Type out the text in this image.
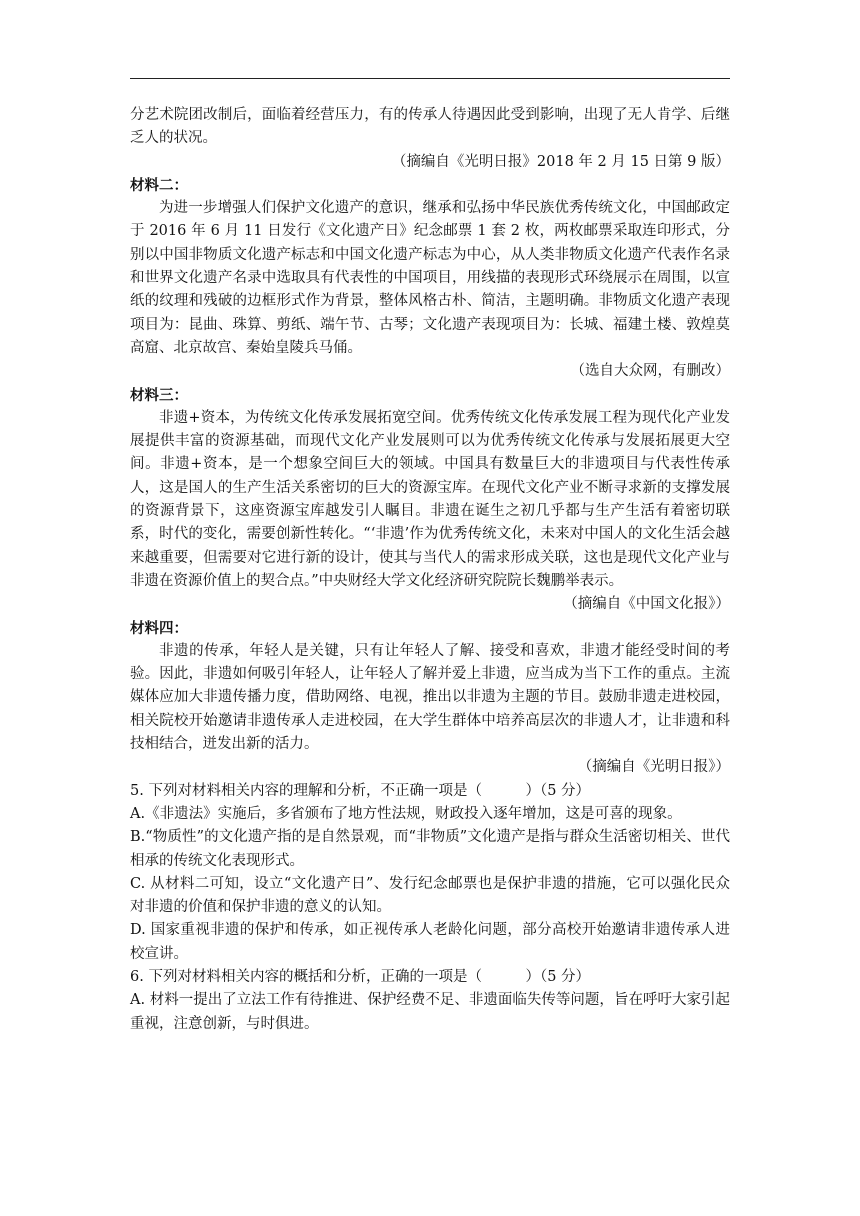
分艺术院团改制后，面临着经营压力，有的传承人待遇因此受到影响，出现了无人肯学、后继乏人的状况。

（摘编自《光明日报》2018 年 2 月 15 日第 9 版）

材料二：

为进一步增强人们保护文化遗产的意识，继承和弘扬中华民族优秀传统文化，中国邮政定于 2016 年 6 月 11 日发行《文化遗产日》纪念邮票 1 套 2 枚，两枚邮票采取连印形式，分别以中国非物质文化遗产标志和中国文化遗产标志为中心，从人类非物质文化遗产代表作名录和世界文化遗产名录中选取具有代表性的中国项目，用线描的表现形式环绕展示在周围，以宣纸的纹理和残破的边框形式作为背景，整体风格古朴、简洁，主题明确。非物质文化遗产表现项目为：昆曲、珠算、剪纸、端午节、古琴；文化遗产表现项目为：长城、福建土楼、敦煌莫高窟、北京故宫、秦始皇陵兵马俑。

（选自大众网，有删改）

材料三：

非遗+资本，为传统文化传承发展拓宽空间。优秀传统文化传承发展工程为现代化产业发展提供丰富的资源基础，而现代文化产业发展则可以为优秀传统文化传承与发展拓展更大空间。非遗+资本，是一个想象空间巨大的领域。中国具有数量巨大的非遗项目与代表性传承人，这是国人的生产生活关系密切的巨大的资源宝库。在现代文化产业不断寻求新的支撑发展的资源背景下，这座资源宝库越发引人瞩目。非遗在诞生之初几乎都与生产生活有着密切联系，时代的变化，需要创新性转化。“‘非遗’作为优秀传统文化，未来对中国人的文化生活会越来越重要，但需要对它进行新的设计，使其与当代人的需求形成关联，这也是现代文化产业与非遗在资源价值上的契合点。”中央财经大学文化经济研究院院长魏鹏举表示。

（摘编自《中国文化报》）

材料四：

非遗的传承，年轻人是关键，只有让年轻人了解、接受和喜欢，非遗才能经受时间的考验。因此，非遗如何吸引年轻人，让年轻人了解并爱上非遗，应当成为当下工作的重点。主流媒体应加大非遗传播力度，借助网络、电视，推出以非遗为主题的节目。鼓励非遗走进校园，相关院校开始邀请非遗传承人走进校园，在大学生群体中培养高层次的非遗人才，让非遗和科技相结合，迸发出新的活力。

（摘编自《光明日报》）

5. 下列对材料相关内容的理解和分析，不正确一项是（　　　）（5 分）

A.《非遗法》实施后，多省颁布了地方性法规，财政投入逐年增加，这是可喜的现象。

B.“物质性”的文化遗产指的是自然景观，而“非物质”文化遗产是指与群众生活密切相关、世代相承的传统文化表现形式。

C. 从材料二可知，设立“文化遗产日”、发行纪念邮票也是保护非遗的措施，它可以强化民众对非遗的价值和保护非遗的意义的认知。

D. 国家重视非遗的保护和传承，如正视传承人老龄化问题，部分高校开始邀请非遗传承人进校宣讲。

6. 下列对材料相关内容的概括和分析，正确的一项是（　　　）（5 分）

A. 材料一提出了立法工作有待推进、保护经费不足、非遗面临失传等问题，旨在呼吁大家引起重视，注意创新，与时俱进。
